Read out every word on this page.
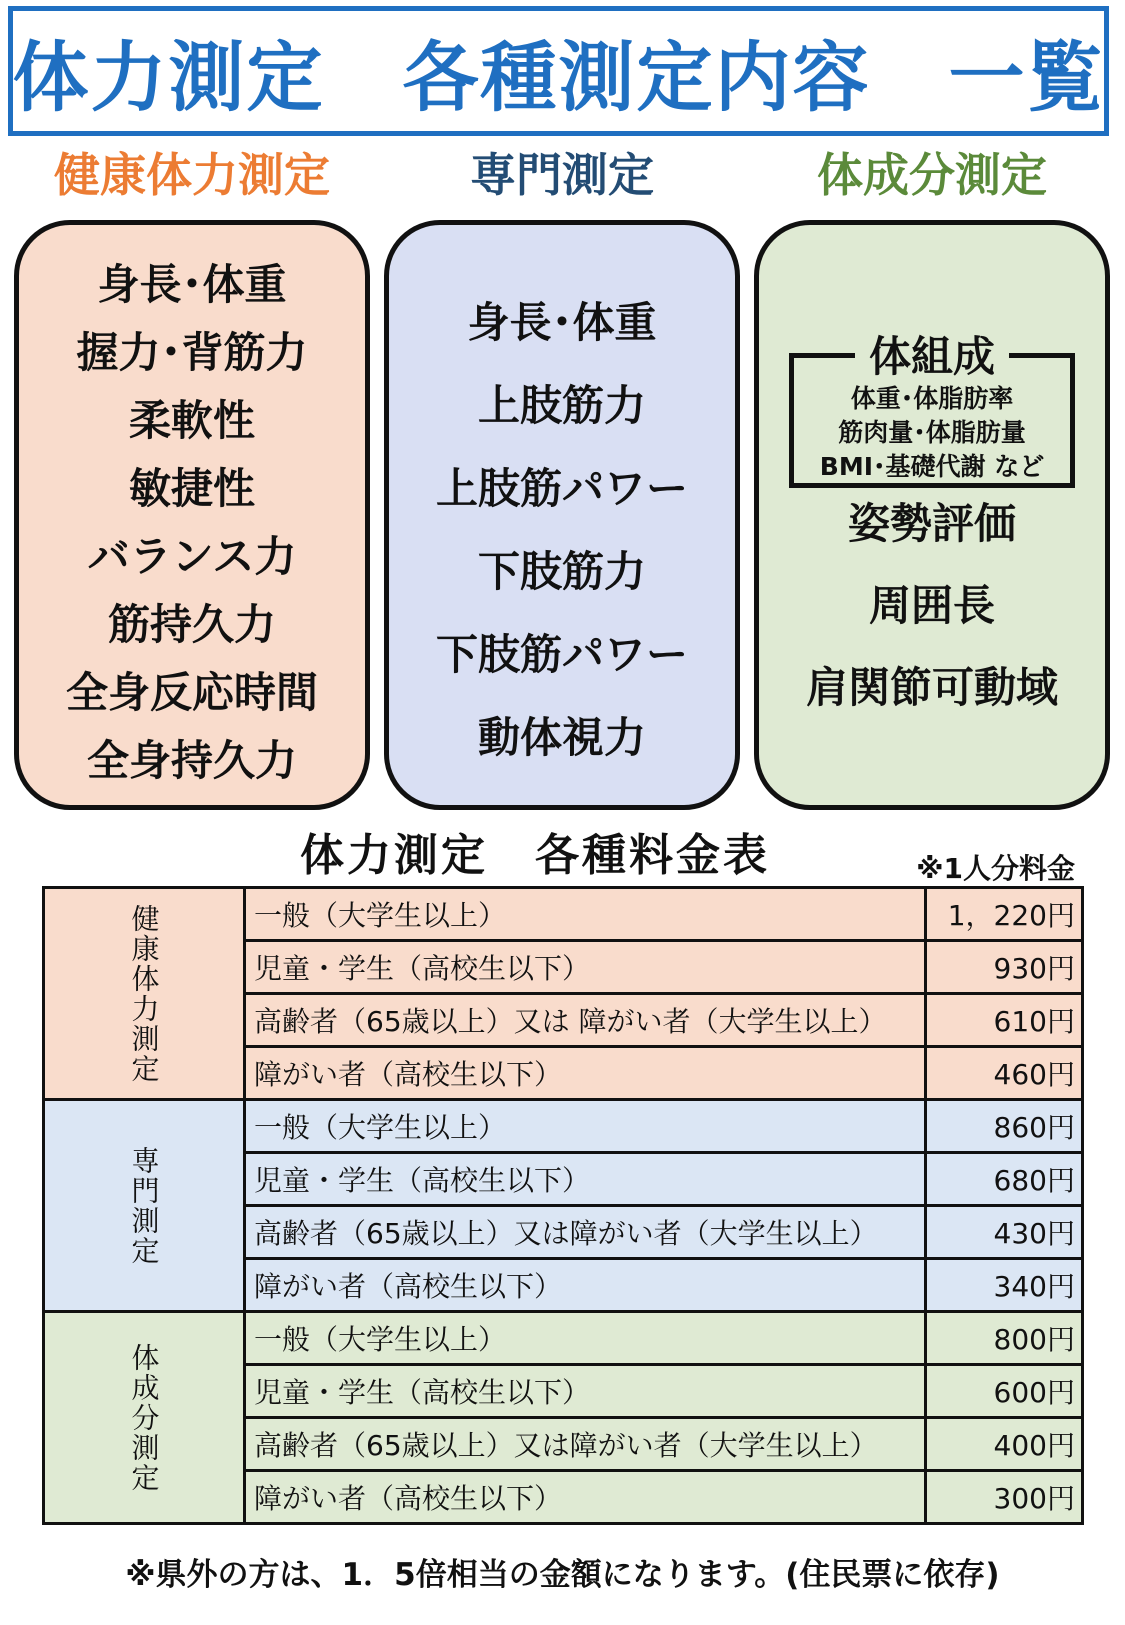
体力測定　各種測定内容　一覧
健康体力測定	専門測定	体成分測定
身長･体重
握力･背筋力
柔軟性
敏捷性
バランス力
筋持久力
全身反応時間
全身持久力
身長･体重
上肢筋力
上肢筋パワー
下肢筋力
下肢筋パワー
動体視力
体組成
体重･体脂肪率
筋肉量･体脂肪量
BMI･基礎代謝 など
姿勢評価
周囲長
肩関節可動域
体力測定　各種料金表	※1人分料金
健康体力測定	一般（大学生以上）	1，220円
	児童・学生（高校生以下）	930円
	高齢者（65歳以上）又は 障がい者（大学生以上）	610円
	障がい者（高校生以下）	460円

専門測定	一般（大学生以上）	860円
	児童・学生（高校生以下）	680円
	高齢者（65歳以上）又は障がい者（大学生以上）	430円
	障がい者（高校生以下）	340円

体成分測定	一般（大学生以上）	800円
	児童・学生（高校生以下）	600円
	高齢者（65歳以上）又は障がい者（大学生以上）	400円
	障がい者（高校生以下）	300円
※県外の方は、1．5倍相当の金額になります。(住民票に依存)
